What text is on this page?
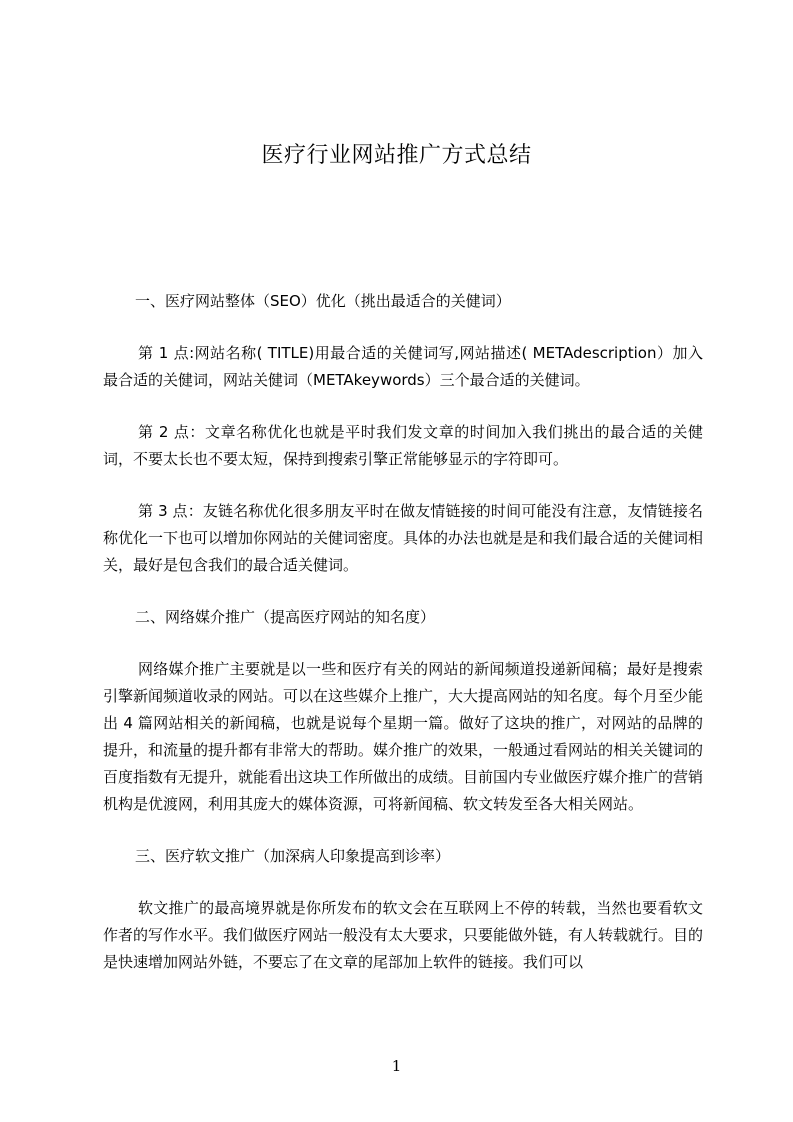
医疗行业网站推广方式总结
一、医疗网站整体（SEO）优化（挑出最适合的关健词）

第 1 点:网站名称( TITLE)用最合适的关健词写,网站描述( METAdescription）加入最合适的关健词，网站关健词（METAkeywords）三个最合适的关健词。

第 2 点：文章名称优化也就是平时我们发文章的时间加入我们挑出的最合适的关健词，不要太长也不要太短，保持到搜索引擎正常能够显示的字符即可。

第 3 点：友链名称优化很多朋友平时在做友情链接的时间可能没有注意，友情链接名称优化一下也可以增加你网站的关健词密度。具体的办法也就是是和我们最合适的关健词相关，最好是包含我们的最合适关健词。

二、网络媒介推广（提高医疗网站的知名度）

网络媒介推广主要就是以一些和医疗有关的网站的新闻频道投递新闻稿；最好是搜索引擎新闻频道收录的网站。可以在这些媒介上推广，大大提高网站的知名度。每个月至少能出 4 篇网站相关的新闻稿，也就是说每个星期一篇。做好了这块的推广，对网站的品牌的提升，和流量的提升都有非常大的帮助。媒介推广的效果，一般通过看网站的相关关键词的百度指数有无提升，就能看出这块工作所做出的成绩。目前国内专业做医疗媒介推广的营销机构是优渡网，利用其庞大的媒体资源，可将新闻稿、软文转发至各大相关网站。

三、医疗软文推广（加深病人印象提高到诊率）

软文推广的最高境界就是你所发布的软文会在互联网上不停的转载，当然也要看软文作者的写作水平。我们做医疗网站一般没有太大要求，只要能做外链，有人转载就行。目的是快速增加网站外链，不要忘了在文章的尾部加上软件的链接。我们可以

1
